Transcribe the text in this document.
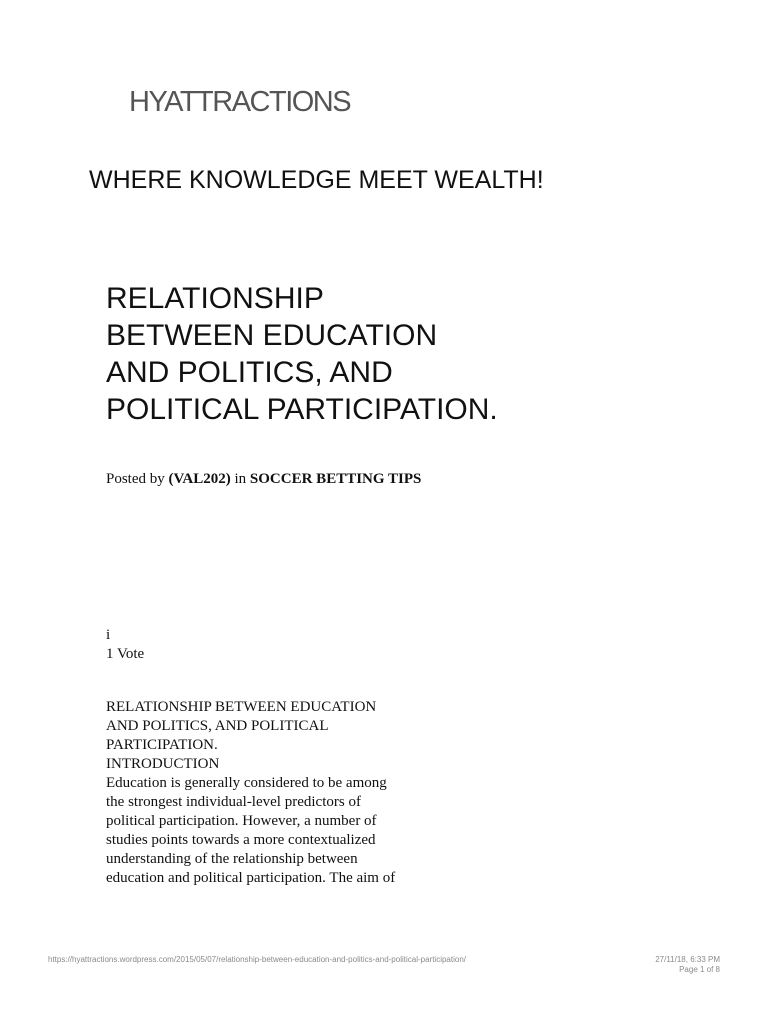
HYATTRACTIONS

WHERE KNOWLEDGE MEET WEALTH!

RELATIONSHIP
BETWEEN EDUCATION
AND POLITICS, AND
POLITICAL PARTICIPATION.
Posted by (VAL202) in SOCCER BETTING TIPS
i
1 Vote
RELATIONSHIP BETWEEN EDUCATION
AND POLITICS, AND POLITICAL
PARTICIPATION.
INTRODUCTION
Education is generally considered to be among
the strongest individual-level predictors of
political participation. However, a number of
studies points towards a more contextualized
understanding of the relationship between
education and political participation. The aim of
https://hyattractions.wordpress.com/2015/05/07/relationship-between-education-and-politics-and-political-participation/	27/11/18, 6:33 PM
Page 1 of 8
